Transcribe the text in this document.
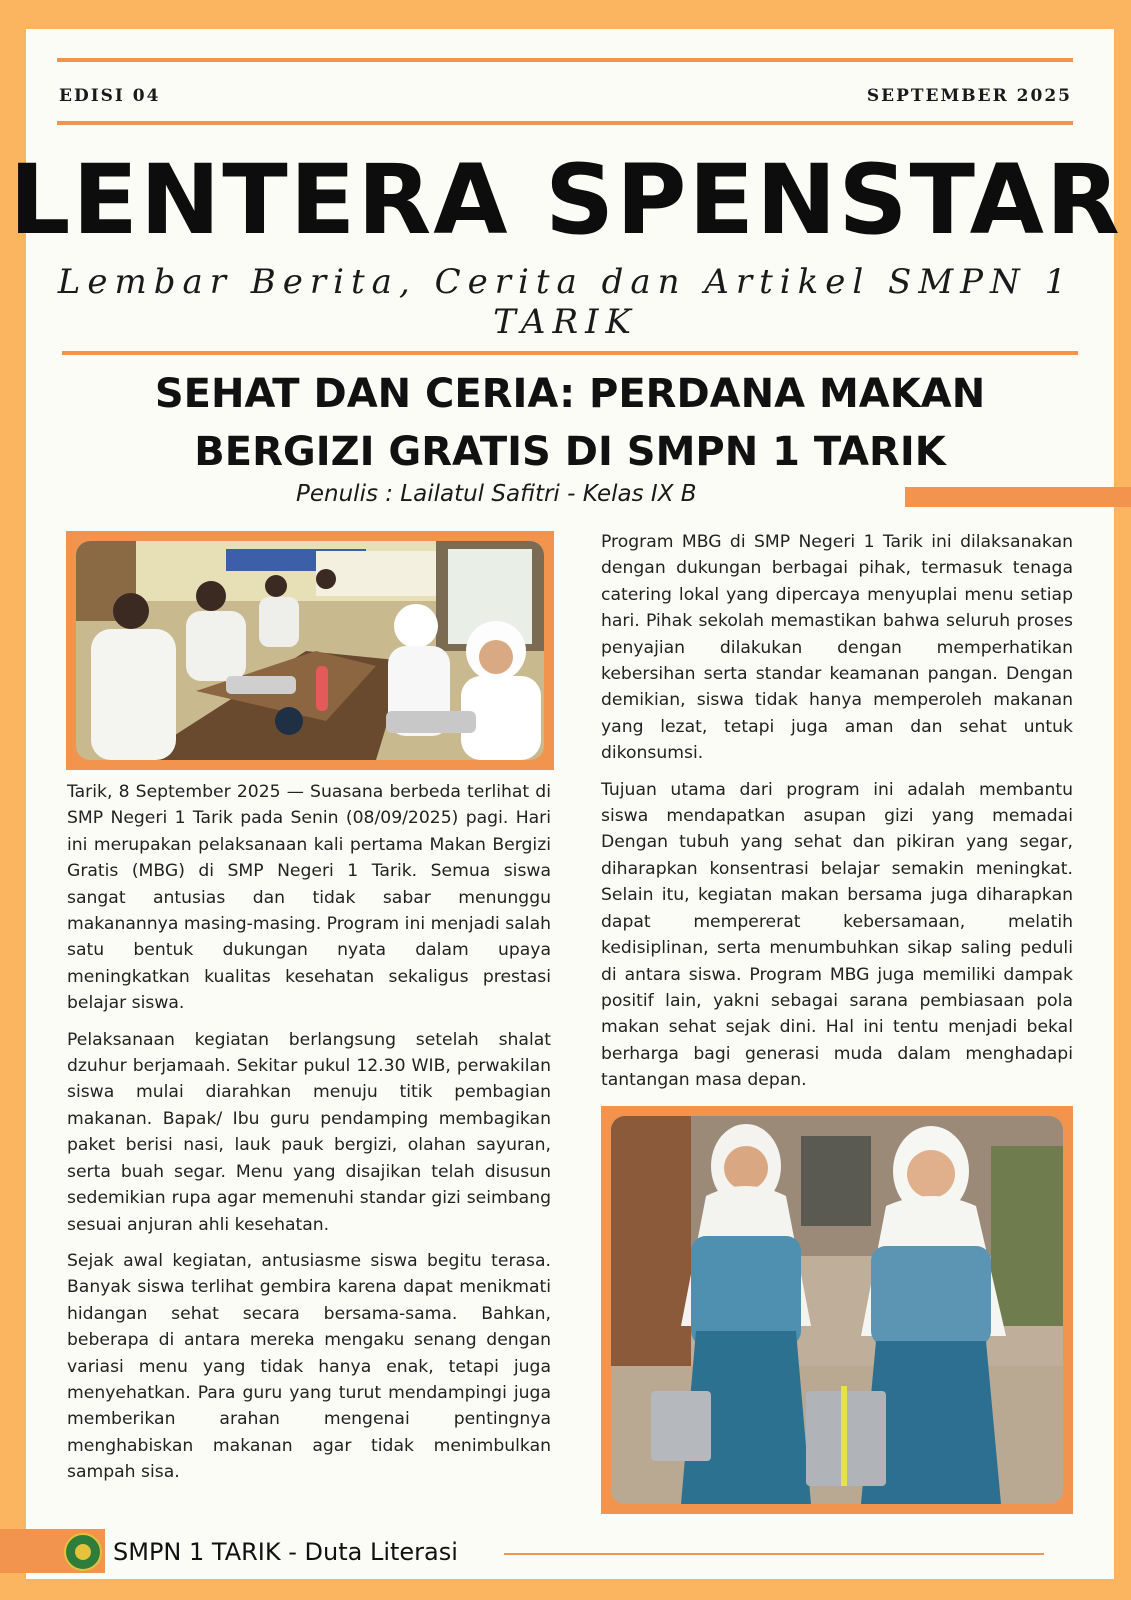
EDISI 04	SEPTEMBER 2025
LENTERA SPENSTAR
Lembar Berita, Cerita dan Artikel SMPN 1 TARIK
SEHAT DAN CERIA: PERDANA MAKAN
BERGIZI GRATIS DI SMPN 1 TARIK
Penulis : Lailatul Safitri - Kelas IX B

Tarik, 8 September 2025 — Suasana berbeda terlihat di SMP Negeri 1 Tarik pada Senin (08/09/2025) pagi. Hari ini merupakan pelaksanaan kali pertama Makan Bergizi Gratis (MBG) di SMP Negeri 1 Tarik. Semua siswa sangat antusias dan tidak sabar menunggu makanannya masing-masing. Program ini menjadi salah satu bentuk dukungan nyata dalam upaya meningkatkan kualitas kesehatan sekaligus prestasi belajar siswa.

Pelaksanaan kegiatan berlangsung setelah shalat dzuhur berjamaah. Sekitar pukul 12.30 WIB, perwakilan siswa mulai diarahkan menuju titik pembagian makanan. Bapak/ Ibu guru pendamping membagikan paket berisi nasi, lauk pauk bergizi, olahan sayuran, serta buah segar. Menu yang disajikan telah disusun sedemikian rupa agar memenuhi standar gizi seimbang sesuai anjuran ahli kesehatan.

Sejak awal kegiatan, antusiasme siswa begitu terasa. Banyak siswa terlihat gembira karena dapat menikmati hidangan sehat secara bersama-sama. Bahkan, beberapa di antara mereka mengaku senang dengan variasi menu yang tidak hanya enak, tetapi juga menyehatkan. Para guru yang turut mendampingi juga memberikan arahan mengenai pentingnya menghabiskan makanan agar tidak menimbulkan sampah sisa.

Program MBG di SMP Negeri 1 Tarik ini dilaksanakan dengan dukungan berbagai pihak, termasuk tenaga catering lokal yang dipercaya menyuplai menu setiap hari. Pihak sekolah memastikan bahwa seluruh proses penyajian dilakukan dengan memperhatikan kebersihan serta standar keamanan pangan. Dengan demikian, siswa tidak hanya memperoleh makanan yang lezat, tetapi juga aman dan sehat untuk dikonsumsi.

Tujuan utama dari program ini adalah membantu siswa mendapatkan asupan gizi yang memadai Dengan tubuh yang sehat dan pikiran yang segar, diharapkan konsentrasi belajar semakin meningkat. Selain itu, kegiatan makan bersama juga diharapkan dapat mempererat kebersamaan, melatih kedisiplinan, serta menumbuhkan sikap saling peduli di antara siswa. Program MBG juga memiliki dampak positif lain, yakni sebagai sarana pembiasaan pola makan sehat sejak dini. Hal ini tentu menjadi bekal berharga bagi generasi muda dalam menghadapi tantangan masa depan.

SMPN 1 TARIK - Duta Literasi
